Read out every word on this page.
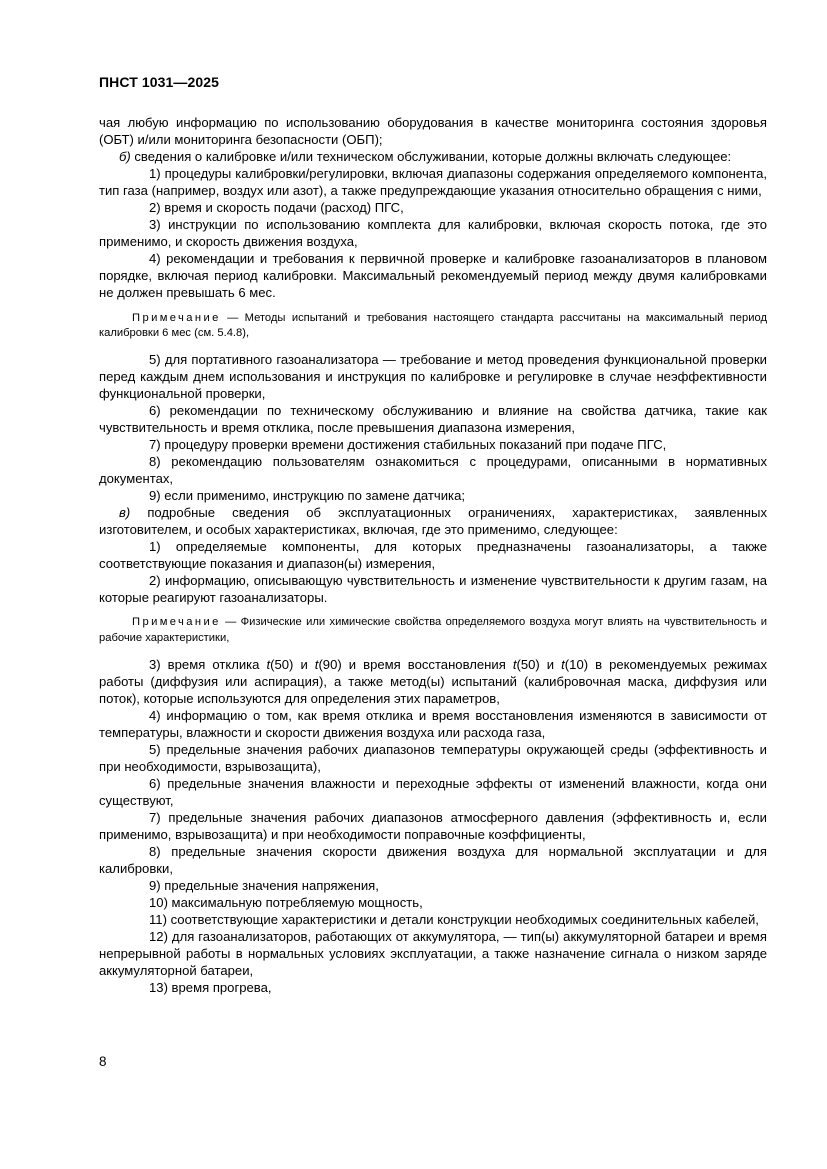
ПНСТ 1031—2025

чая любую информацию по использованию оборудования в качестве мониторинга состояния здоровья (ОБТ) и/или мониторинга безопасности (ОБП);

б) сведения о калибровке и/или техническом обслуживании, которые должны включать следующее:

1) процедуры калибровки/регулировки, включая диапазоны содержания определяемого компонента, тип газа (например, воздух или азот), а также предупреждающие указания относительно обращения с ними,

2) время и скорость подачи (расход) ПГС,

3) инструкции по использованию комплекта для калибровки, включая скорость потока, где это применимо, и скорость движения воздуха,

4) рекомендации и требования к первичной проверке и калибровке газоанализаторов в плановом порядке, включая период калибровки. Максимальный рекомендуемый период между двумя калибровками не должен превышать 6 мес.

Примечание — Методы испытаний и требования настоящего стандарта рассчитаны на максимальный период калибровки 6 мес (см. 5.4.8),

5) для портативного газоанализатора — требование и метод проведения функциональной проверки перед каждым днем использования и инструкция по калибровке и регулировке в случае неэффективности функциональной проверки,

6) рекомендации по техническому обслуживанию и влияние на свойства датчика, такие как чувствительность и время отклика, после превышения диапазона измерения,

7) процедуру проверки времени достижения стабильных показаний при подаче ПГС,

8) рекомендацию пользователям ознакомиться с процедурами, описанными в нормативных документах,

9) если применимо, инструкцию по замене датчика;

в) подробные сведения об эксплуатационных ограничениях, характеристиках, заявленных изготовителем, и особых характеристиках, включая, где это применимо, следующее:

1) определяемые компоненты, для которых предназначены газоанализаторы, а также соответствующие показания и диапазон(ы) измерения,

2) информацию, описывающую чувствительность и изменение чувствительности к другим газам, на которые реагируют газоанализаторы.

Примечание — Физические или химические свойства определяемого воздуха могут влиять на чувствительность и рабочие характеристики,

3) время отклика t(50) и t(90) и время восстановления t(50) и t(10) в рекомендуемых режимах работы (диффузия или аспирация), а также метод(ы) испытаний (калибровочная маска, диффузия или поток), которые используются для определения этих параметров,

4) информацию о том, как время отклика и время восстановления изменяются в зависимости от температуры, влажности и скорости движения воздуха или расхода газа,

5) предельные значения рабочих диапазонов температуры окружающей среды (эффективность и при необходимости, взрывозащита),

6) предельные значения влажности и переходные эффекты от изменений влажности, когда они существуют,

7) предельные значения рабочих диапазонов атмосферного давления (эффективность и, если применимо, взрывозащита) и при необходимости поправочные коэффициенты,

8) предельные значения скорости движения воздуха для нормальной эксплуатации и для калибровки,

9) предельные значения напряжения,

10) максимальную потребляемую мощность,

11) соответствующие характеристики и детали конструкции необходимых соединительных кабелей,

12) для газоанализаторов, работающих от аккумулятора, — тип(ы) аккумуляторной батареи и время непрерывной работы в нормальных условиях эксплуатации, а также назначение сигнала о низком заряде аккумуляторной батареи,

13) время прогрева,

8
